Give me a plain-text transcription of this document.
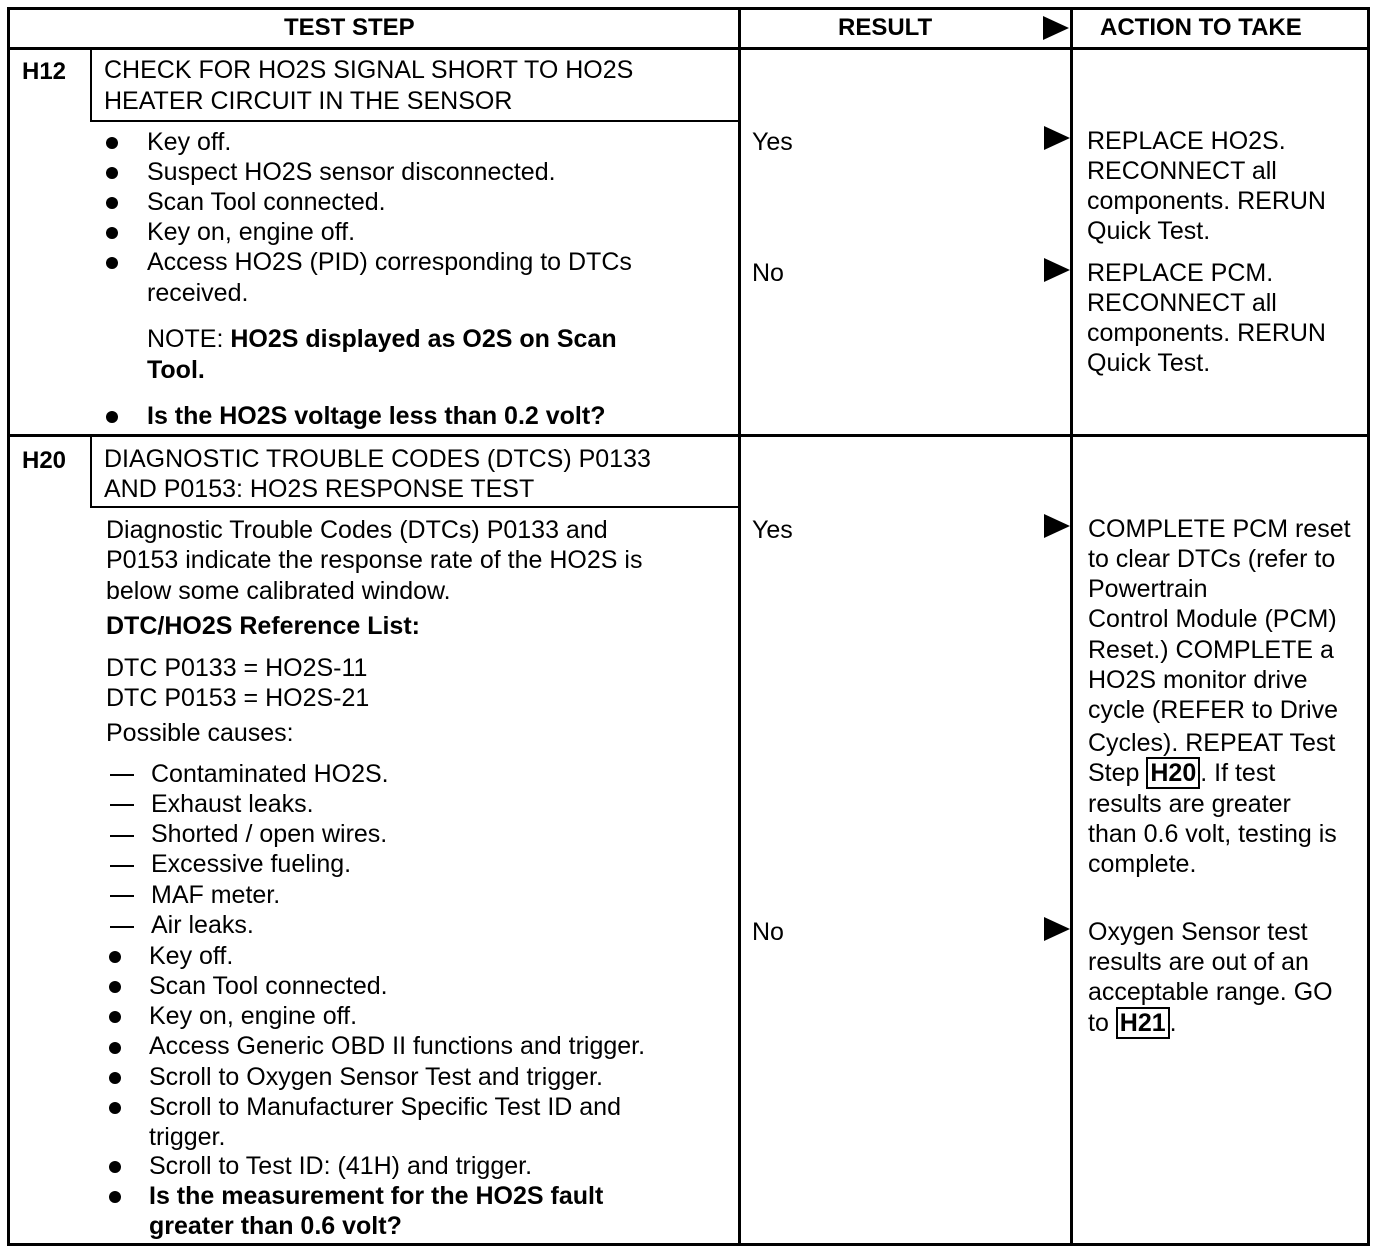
TEST STEP	RESULT	ACTION TO TAKE
H12 CHECK FOR HO2S SIGNAL SHORT TO HO2S
HEATER CIRCUIT IN THE SENSOR
Key off.
Suspect HO2S sensor disconnected.
Scan Tool connected.
Key on, engine off.
Access HO2S (PID) corresponding to DTCs
received.
NOTE: HO2S displayed as O2S on Scan
Tool.
Is the HO2S voltage less than 0.2 volt?
Yes
No
REPLACE HO2S.
RECONNECT all
components. RERUN
Quick Test.
REPLACE PCM.
RECONNECT all
components. RERUN
Quick Test.
H20 DIAGNOSTIC TROUBLE CODES (DTCS) P0133
AND P0153: HO2S RESPONSE TEST
Diagnostic Trouble Codes (DTCs) P0133 and
P0153 indicate the response rate of the HO2S is
below some calibrated window.
DTC/HO2S Reference List:
DTC P0133 = HO2S-11
DTC P0153 = HO2S-21
Possible causes:
Contaminated HO2S.
Exhaust leaks.
Shorted / open wires.
Excessive fueling.
MAF meter.
Air leaks.
Key off.
Scan Tool connected.
Key on, engine off.
Access Generic OBD II functions and trigger.
Scroll to Oxygen Sensor Test and trigger.
Scroll to Manufacturer Specific Test ID and
trigger.
Scroll to Test ID: (41H) and trigger.
Is the measurement for the HO2S fault
greater than 0.6 volt?
Yes
No
COMPLETE PCM reset
to clear DTCs (refer to
Powertrain
Control Module (PCM)
Reset.) COMPLETE a
HO2S monitor drive
cycle (REFER to Drive
Cycles). REPEAT Test
Step H20 . If test
results are greater
than 0.6 volt, testing is
complete.
Oxygen Sensor test
results are out of an
acceptable range. GO
to H21 .
